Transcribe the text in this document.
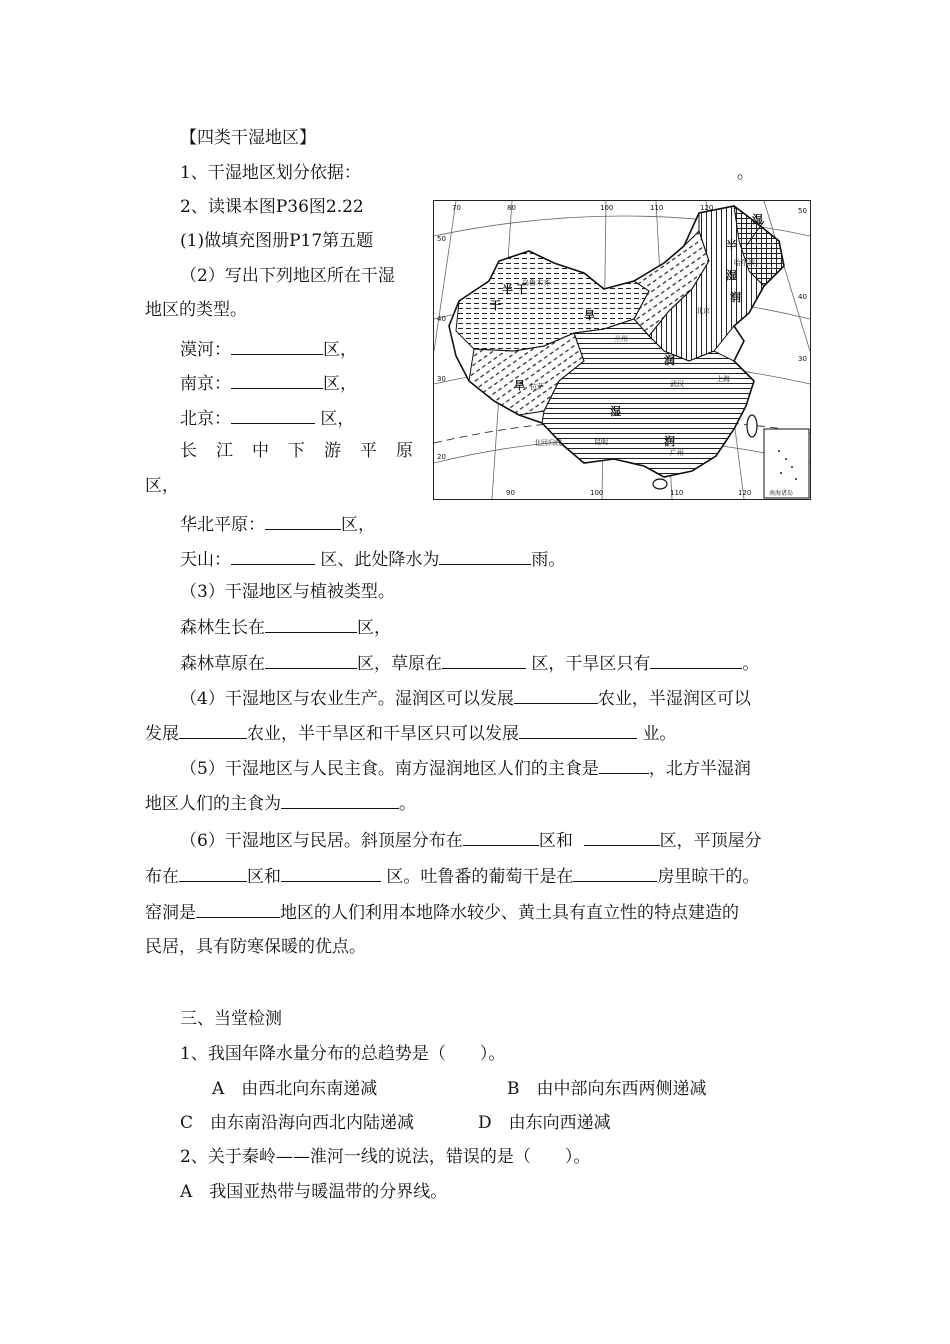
【四类干湿地区】
1、干湿地区划分依据：	。
2、读课本图P36图2.22
(1)做填充图册P17第五题
（2）写出下列地区所在干湿
地区的类型。
漠河：	区，
南京：	区，
北京：	区，
长 江 中 下 游 平 原
区，
华北平原：	区，
天山：	区、此处降水为	雨。
（3）干湿地区与植被类型。
森林生长在	区，
森林草原在	区，草原在	区，干旱区只有	。
（4）干湿地区与农业生产。湿润区可以发展	农业，半湿润区可以
发展	农业，半干旱区和干旱区只可以发展	业。
（5）干湿地区与人民主食。南方湿润地区人们的主食是	，北方半湿润
地区人们的主食为	。
（6）干湿地区与民居。斜顶屋分布在	区和	区，平顶屋分
布在	区和	区。吐鲁番的葡萄干是在	房里晾干的。
窑洞是	地区的人们利用本地降水较少、黄土具有直立性的特点建造的
民居，具有防寒保暖的优点。
三、当堂检测
1、我国年降水量分布的总趋势是（　　）。
A　由西北向东南递减	B　由中部向东西两侧递减
C　由东南沿海向西北内陆递减	D　由东向西递减
2、关于秦岭——淮河一线的说法，错误的是（　　）。
A　我国亚热带与暖温带的分界线。
干
旱
半 干
旱
半
湿
润
湿
润
湿
润
乌鲁木齐
哈尔滨
北京
兰州
拉萨	武汉
上海
昆明
广州
北回归线
南海诸岛
70	80	100	110	120
90	100	110	120
50
40
30
20
50
40
30
